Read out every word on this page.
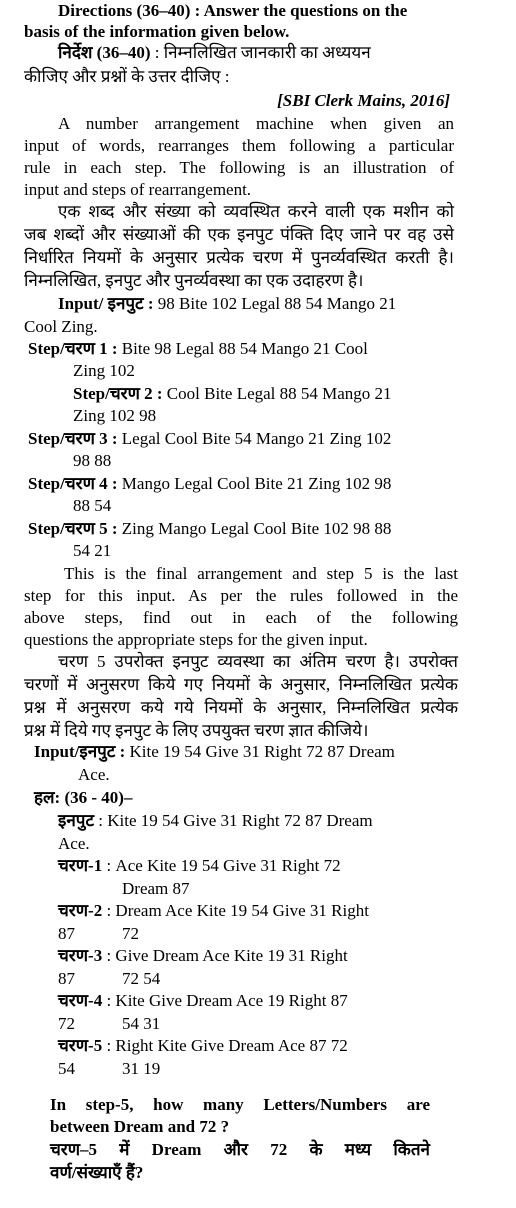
Directions (36–40) : Answer the questions on the
basis of the information given below.
निर्देश (36–40) : निम्नलिखित जानकारी का अध्ययन
कीजिए और प्रश्नों के उत्तर दीजिए :
[SBI Clerk Mains, 2016]
A number arrangement machine when given an
input of words, rearranges them following a particular
rule in each step. The following is an illustration of
input and steps of rearrangement.
एक शब्द और संख्या को व्यवस्थित करने वाली एक मशीन को
जब शब्दों और संख्याओं की एक इनपुट पंक्ति दिए जाने पर वह उसे
निर्धारित नियमों के अनुसार प्रत्येक चरण में पुनर्व्यवस्थित करती है।
निम्नलिखित, इनपुट और पुनर्व्यवस्था का एक उदाहरण है।
Input/ इनपुट : 98 Bite 102 Legal 88 54 Mango 21
Cool Zing.
Step/चरण 1 : Bite 98 Legal 88 54 Mango 21 Cool
Zing 102
Step/चरण 2 : Cool Bite Legal 88 54 Mango 21
Zing 102 98
Step/चरण 3 : Legal Cool Bite 54 Mango 21 Zing 102
98 88
Step/चरण 4 : Mango Legal Cool Bite 21 Zing 102 98
88 54
Step/चरण 5 : Zing Mango Legal Cool Bite 102 98 88
54 21
This is the final arrangement and step 5 is the last
step for this input. As per the rules followed in the
above steps, find out in each of the following
questions the appropriate steps for the given input.
चरण 5 उपरोक्त इनपुट व्यवस्था का अंतिम चरण है। उपरोक्त
चरणों में अनुसरण किये गए नियमों के अनुसार, निम्नलिखित प्रत्येक
प्रश्न में अनुसरण कये गये नियमों के अनुसार, निम्नलिखित प्रत्येक
प्रश्न में दिये गए इनपुट के लिए उपयुक्त चरण ज्ञात कीजिये।
Input/इनपुट : Kite 19 54 Give 31 Right 72 87 Dream
Ace.
हल: (36 - 40)–
इनपुट : Kite 19 54 Give 31 Right 72 87 Dream
Ace.
चरण-1 : Ace Kite 19 54 Give 31 Right 72
Dream 87
चरण-2 : Dream Ace Kite 19 54 Give 31 Right
87	72
चरण-3 : Give Dream Ace Kite 19 31 Right
87	72 54
चरण-4 : Kite Give Dream Ace 19 Right 87
72	54 31
चरण-5 : Right Kite Give Dream Ace 87 72
54	31 19
In step-5, how many Letters/Numbers are
between Dream and 72 ?
चरण–5 में Dream और 72 के मध्य कितने
वर्ण/संख्याएँ हैं?
